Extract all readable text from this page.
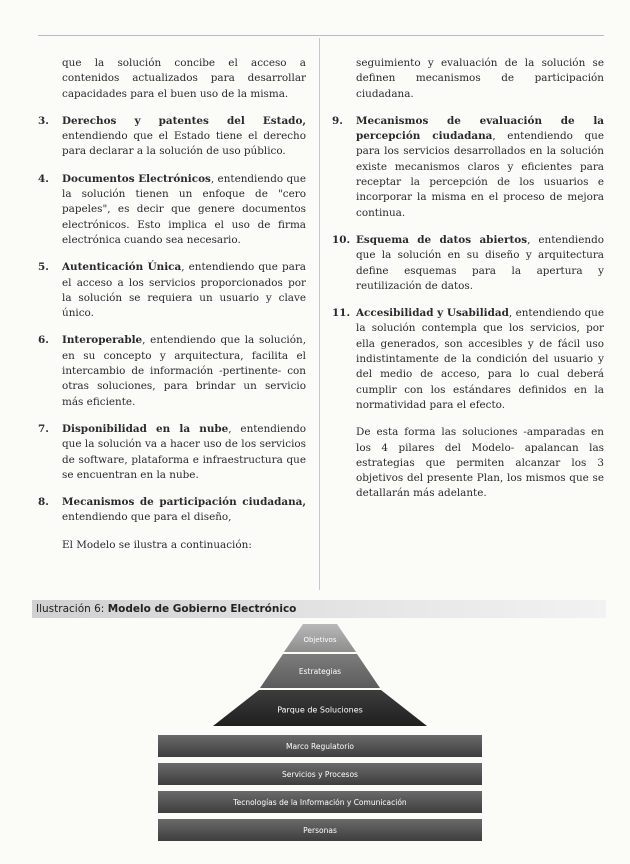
que la solución concibe el acceso a contenidos actualizados para desarrollar capacidades para el buen uso de la misma.

3. Derechos y patentes del Estado, entendiendo que el Estado tiene el derecho para declarar a la solución de uso público.
4. Documentos Electrónicos, entendiendo que la solución tienen un enfoque de "cero papeles", es decir que genere documentos electrónicos. Esto implica el uso de firma electrónica cuando sea necesario.
5. Autenticación Única, entendiendo que para el acceso a los servicios proporcionados por la solución se requiera un usuario y clave único.
6. Interoperable, entendiendo que la solución, en su concepto y arquitectura, facilita el intercambio de información -pertinente- con otras soluciones, para brindar un servicio más eficiente.
7. Disponibilidad en la nube, entendiendo que la solución va a hacer uso de los servicios de software, plataforma e infraestructura que se encuentran en la nube.
8. Mecanismos de participación ciudadana, entendiendo que para el diseño,

El Modelo se ilustra a continuación:

seguimiento y evaluación de la solución se definen mecanismos de participación ciudadana.

9. Mecanismos de evaluación de la percepción ciudadana, entendiendo que para los servicios desarrollados en la solución existe mecanismos claros y eficientes para receptar la percepción de los usuarios e incorporar la misma en el proceso de mejora continua.
10. Esquema de datos abiertos, entendiendo que la solución en su diseño y arquitectura define esquemas para la apertura y reutilización de datos.
11. Accesibilidad y Usabilidad, entendiendo que la solución contempla que los servicios, por ella generados, son accesibles y de fácil uso indistintamente de la condición del usuario y del medio de acceso, para lo cual deberá cumplir con los estándares definidos en la normatividad para el efecto.

De esta forma las soluciones -amparadas en los 4 pilares del Modelo- apalancan las estrategias que permiten alcanzar los 3 objetivos del presente Plan, los mismos que se detallarán más adelante.

Ilustración 6: Modelo de Gobierno Electrónico
Objetivos
Estrategias
Parque de Soluciones
Marco Regulatorio
Servicios y Procesos
Tecnologías de la Información y Comunicación
Personas
